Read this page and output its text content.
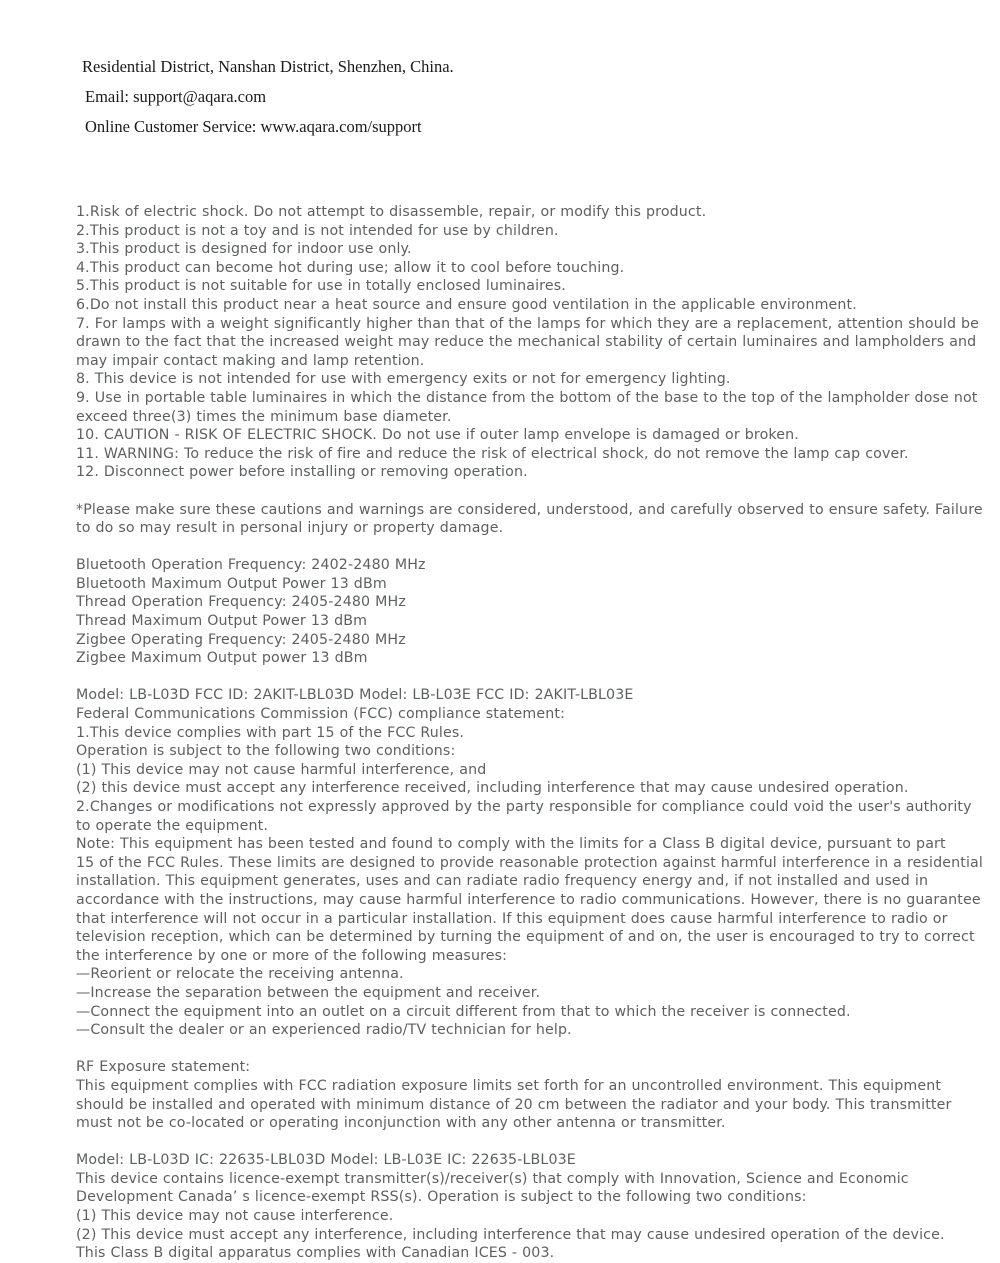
Residential District, Nanshan District, Shenzhen, China.
Email: support@aqara.com
Online Customer Service: www.aqara.com/support

1.Risk of electric shock. Do not attempt to disassemble, repair, or modify this product.

2.This product is not a toy and is not intended for use by children.

3.This product is designed for indoor use only.

4.This product can become hot during use; allow it to cool before touching.

5.This product is not suitable for use in totally enclosed luminaires.

6.Do not install this product near a heat source and ensure good ventilation in the applicable environment.

7. For lamps with a weight significantly higher than that of the lamps for which they are a replacement, attention should be drawn to the fact that the increased weight may reduce the mechanical stability of certain luminaires and lampholders and may impair contact making and lamp retention.

8. This device is not intended for use with emergency exits or not for emergency lighting.

9. Use in portable table luminaires in which the distance from the bottom of the base to the top of the lampholder dose not exceed three(3) times the minimum base diameter.

10. CAUTION - RISK OF ELECTRIC SHOCK. Do not use if outer lamp envelope is damaged or broken.

11. WARNING: To reduce the risk of fire and reduce the risk of electrical shock, do not remove the lamp cap cover.

12. Disconnect power before installing or removing operation.

*Please make sure these cautions and warnings are considered, understood, and carefully observed to ensure safety. Failure to do so may result in personal injury or property damage.

Bluetooth Operation Frequency: 2402-2480 MHz

Bluetooth Maximum Output Power 13 dBm

Thread Operation Frequency: 2405-2480 MHz

Thread Maximum Output Power 13 dBm

Zigbee Operating Frequency: 2405-2480 MHz

Zigbee Maximum Output power 13 dBm

Model: LB-L03D FCC ID: 2AKIT-LBL03D Model: LB-L03E FCC ID: 2AKIT-LBL03E

Federal Communications Commission (FCC) compliance statement:

1.This device complies with part 15 of the FCC Rules.

Operation is subject to the following two conditions:

(1) This device may not cause harmful interference, and

(2) this device must accept any interference received, including interference that may cause undesired operation.

2.Changes or modifications not expressly approved by the party responsible for compliance could void the user's authority to operate the equipment.

Note: This equipment has been tested and found to comply with the limits for a Class B digital device, pursuant to part

15 of the FCC Rules. These limits are designed to provide reasonable protection against harmful interference in a residential installation. This equipment generates, uses and can radiate radio frequency energy and, if not installed and used in accordance with the instructions, may cause harmful interference to radio communications. However, there is no guarantee that interference will not occur in a particular installation. If this equipment does cause harmful interference to radio or television reception, which can be determined by turning the equipment of and on, the user is encouraged to try to correct the interference by one or more of the following measures:

—Reorient or relocate the receiving antenna.

—Increase the separation between the equipment and receiver.

—Connect the equipment into an outlet on a circuit different from that to which the receiver is connected.

—Consult the dealer or an experienced radio/TV technician for help.

RF Exposure statement:

This equipment complies with FCC radiation exposure limits set forth for an uncontrolled environment. This equipment should be installed and operated with minimum distance of 20 cm between the radiator and your body. This transmitter must not be co-located or operating inconjunction with any other antenna or transmitter.

Model: LB-L03D IC: 22635-LBL03D Model: LB-L03E IC: 22635-LBL03E

This device contains licence-exempt transmitter(s)/receiver(s) that comply with Innovation, Science and Economic Development Canada’ s licence-exempt RSS(s). Operation is subject to the following two conditions:

(1) This device may not cause interference.

(2) This device must accept any interference, including interference that may cause undesired operation of the device.

This Class B digital apparatus complies with Canadian ICES - 003.
